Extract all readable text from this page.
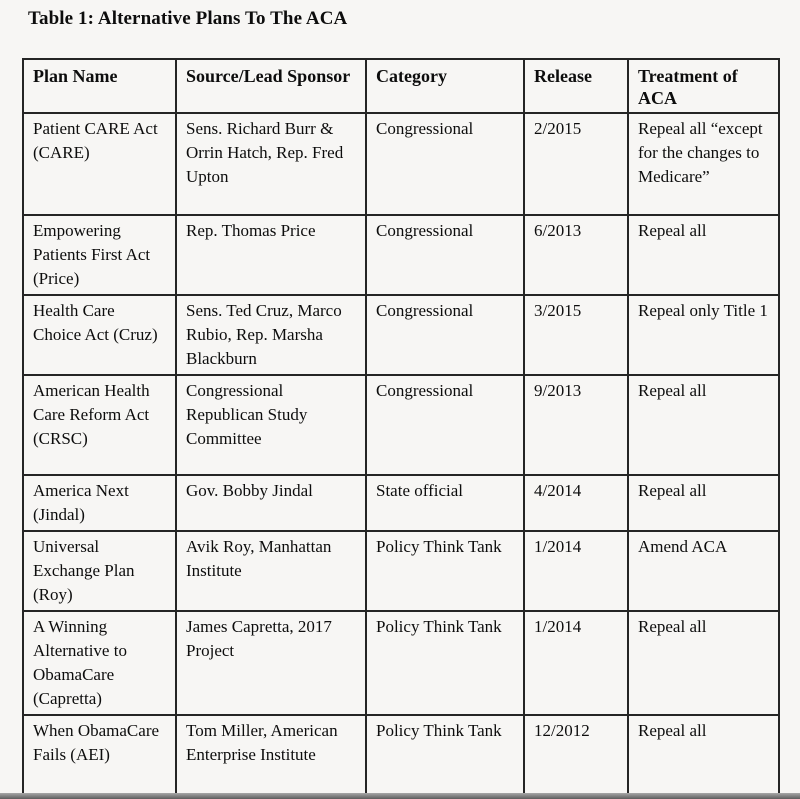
Table 1: Alternative Plans To The ACA
Plan Name	Source/Lead Sponsor	Category	Release	Treatment of ACA
Patient CARE Act (CARE)	Sens. Richard Burr & Orrin Hatch, Rep. Fred Upton	Congressional	2/2015	Repeal all “except for the changes to Medicare”
Empowering Patients First Act (Price)	Rep. Thomas Price	Congressional	6/2013	Repeal all
Health Care Choice Act (Cruz)	Sens. Ted Cruz, Marco Rubio, Rep. Marsha Blackburn	Congressional	3/2015	Repeal only Title 1
American Health Care Reform Act (CRSC)	Congressional Republican Study Committee	Congressional	9/2013	Repeal all
America Next (Jindal)	Gov. Bobby Jindal	State official	4/2014	Repeal all
Universal Exchange Plan (Roy)	Avik Roy, Manhattan Institute	Policy Think Tank	1/2014	Amend ACA
A Winning Alternative to ObamaCare (Capretta)	James Capretta, 2017 Project	Policy Think Tank	1/2014	Repeal all
When ObamaCare Fails (AEI)	Tom Miller, American Enterprise Institute	Policy Think Tank	12/2012	Repeal all
